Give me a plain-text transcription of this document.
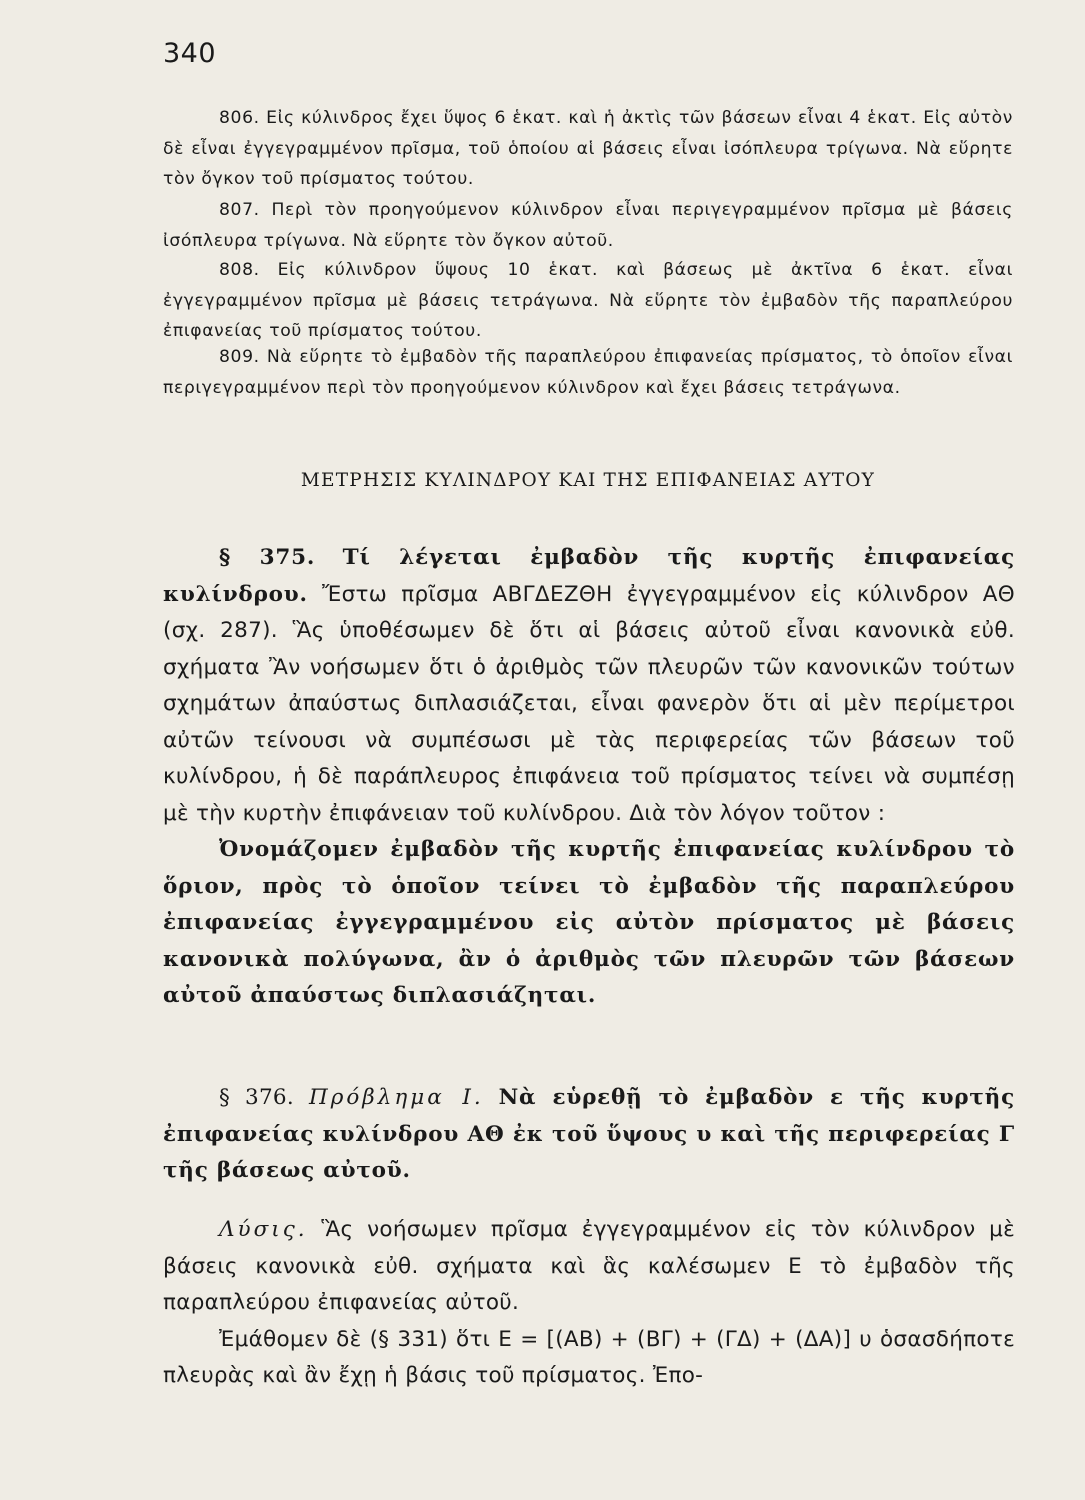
340

806. Εἰς κύλινδρος ἔχει ὕψος 6 ἑκατ. καὶ ἡ ἀκτὶς τῶν βάσεων εἶναι 4 ἑκατ. Εἰς αὐτὸν δὲ εἶναι ἐγγεγραμμένον πρῖσμα, τοῦ ὁποίου αἱ βάσεις εἶναι ἰσόπλευρα τρίγωνα. Νὰ εὕρητε τὸν ὄγκον τοῦ πρίσματος τούτου.

807. Περὶ τὸν προηγούμενον κύλινδρον εἶναι περιγεγραμμένον πρῖσμα μὲ βάσεις ἰσόπλευρα τρίγωνα. Νὰ εὕρητε τὸν ὄγκον αὐτοῦ.

808. Εἰς κύλινδρον ὕψους 10 ἑκατ. καὶ βάσεως μὲ ἀκτῖνα 6 ἑκατ. εἶναι ἐγγεγραμμένον πρῖσμα μὲ βάσεις τετράγωνα. Νὰ εὕρητε τὸν ἐμβαδὸν τῆς παραπλεύρου ἐπιφανείας τοῦ πρίσματος τούτου.

809. Νὰ εὕρητε τὸ ἐμβαδὸν τῆς παραπλεύρου ἐπιφανείας πρίσματος, τὸ ὁποῖον εἶναι περιγεγραμμένον περὶ τὸν προηγούμενον κύλινδρον καὶ ἔχει βάσεις τετράγωνα.

ΜΕΤΡΗΣΙΣ ΚΥΛΙΝΔΡΟΥ ΚΑΙ ΤΗΣ ΕΠΙΦΑΝΕΙΑΣ ΑΥΤΟΥ

§ 375. Τί λέγεται ἐμβαδὸν τῆς κυρτῆς ἐπιφανείας κυλίνδρου. Ἔστω πρῖσμα ΑΒΓΔΕΖΘΗ ἐγγεγραμμένον εἰς κύλινδρον ΑΘ (σχ. 287). Ἃς ὑποθέσωμεν δὲ ὅτι αἱ βάσεις αὐτοῦ εἶναι κανονικὰ εὐθ. σχήματα Ἂν νοήσωμεν ὅτι ὁ ἀριθμὸς τῶν πλευρῶν τῶν κανονικῶν τούτων σχημάτων ἀπαύστως διπλασιάζεται, εἶναι φανερὸν ὅτι αἱ μὲν περίμετροι αὐτῶν τείνουσι νὰ συμπέσωσι μὲ τὰς περιφερείας τῶν βάσεων τοῦ κυλίνδρου, ἡ δὲ παράπλευρος ἐπιφάνεια τοῦ πρίσματος τείνει νὰ συμπέσῃ μὲ τὴν κυρτὴν ἐπιφάνειαν τοῦ κυλίνδρου. Διὰ τὸν λόγον τοῦτον :

Ὀνομάζομεν ἐμβαδὸν τῆς κυρτῆς ἐπιφανείας κυλίνδρου τὸ ὅριον, πρὸς τὸ ὁποῖον τείνει τὸ ἐμβαδὸν τῆς παραπλεύρου ἐπιφανείας ἐγγεγραμμένου εἰς αὐτὸν πρίσματος μὲ βάσεις κανονικὰ πολύγωνα, ἂν ὁ ἀριθμὸς τῶν πλευρῶν τῶν βάσεων αὐτοῦ ἀπαύστως διπλασιάζηται.

§ 376. Πρόβλημα Ι. Νὰ εὑρεθῇ τὸ ἐμβαδὸν ε τῆς κυρτῆς ἐπιφανείας κυλίνδρου ΑΘ ἐκ τοῦ ὕψους υ καὶ τῆς περιφερείας Γ τῆς βάσεως αὐτοῦ.

Λύσις. Ἃς νοήσωμεν πρῖσμα ἐγγεγραμμένον εἰς τὸν κύλινδρον μὲ βάσεις κανονικὰ εὐθ. σχήματα καὶ ἃς καλέσωμεν Ε τὸ ἐμβαδὸν τῆς παραπλεύρου ἐπιφανείας αὐτοῦ.

Ἐμάθομεν δὲ (§ 331) ὅτι Ε = [(ΑΒ) + (ΒΓ) + (ΓΔ) + (ΔΑ)] υ ὁσασδήποτε πλευρὰς καὶ ἂν ἔχῃ ἡ βάσις τοῦ πρίσματος. Ἐπο-
